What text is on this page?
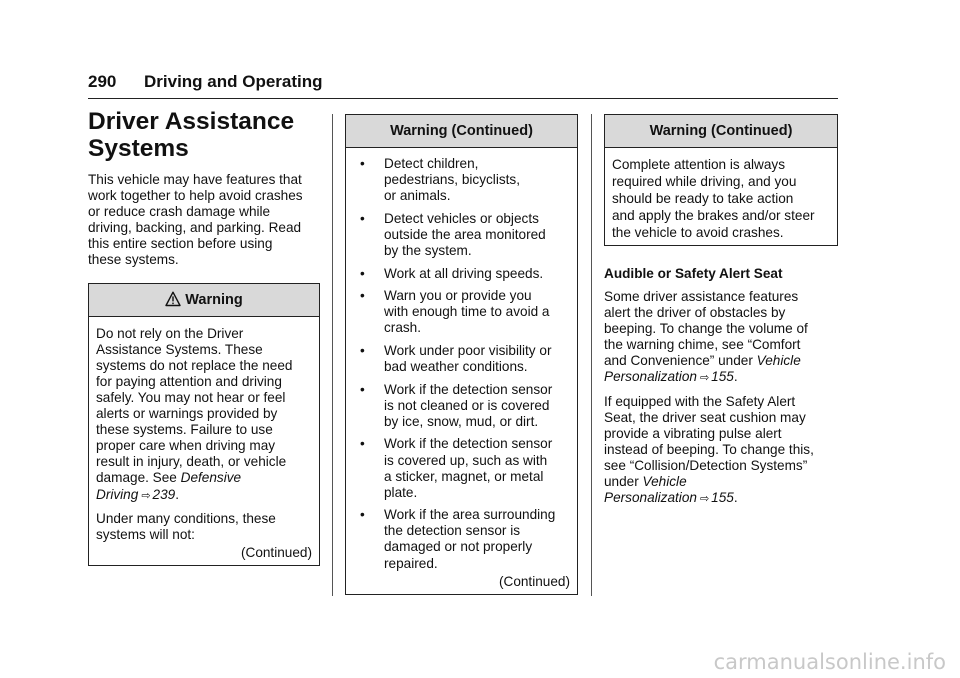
290 Driving and Operating
Driver Assistance
Systems

This vehicle may have features that
work together to help avoid crashes
or reduce crash damage while
driving, backing, and parking. Read
this entire section before using
these systems.

Warning

Do not rely on the Driver
Assistance Systems. These
systems do not replace the need
for paying attention and driving
safely. You may not hear or feel
alerts or warnings provided by
these systems. Failure to use
proper care when driving may
result in injury, death, or vehicle
damage. See Defensive
Driving ⇨ 239.

Under many conditions, these
systems will not:

(Continued)
Warning (Continued)
• Detect children,
pedestrians, bicyclists,
or animals.
• Detect vehicles or objects
outside the area monitored
by the system.
• Work at all driving speeds.
• Warn you or provide you
with enough time to avoid a
crash.
• Work under poor visibility or
bad weather conditions.
• Work if the detection sensor
is not cleaned or is covered
by ice, snow, mud, or dirt.
• Work if the detection sensor
is covered up, such as with
a sticker, magnet, or metal
plate.
• Work if the area surrounding
the detection sensor is
damaged or not properly
repaired.
(Continued)
Warning (Continued)

Complete attention is always
required while driving, and you
should be ready to take action
and apply the brakes and/or steer
the vehicle to avoid crashes.

Audible or Safety Alert Seat

Some driver assistance features
alert the driver of obstacles by
beeping. To change the volume of
the warning chime, see “Comfort
and Convenience” under Vehicle
Personalization ⇨ 155.

If equipped with the Safety Alert
Seat, the driver seat cushion may
provide a vibrating pulse alert
instead of beeping. To change this,
see “Collision/Detection Systems”
under Vehicle
Personalization ⇨ 155.

carmanualsonline.info
